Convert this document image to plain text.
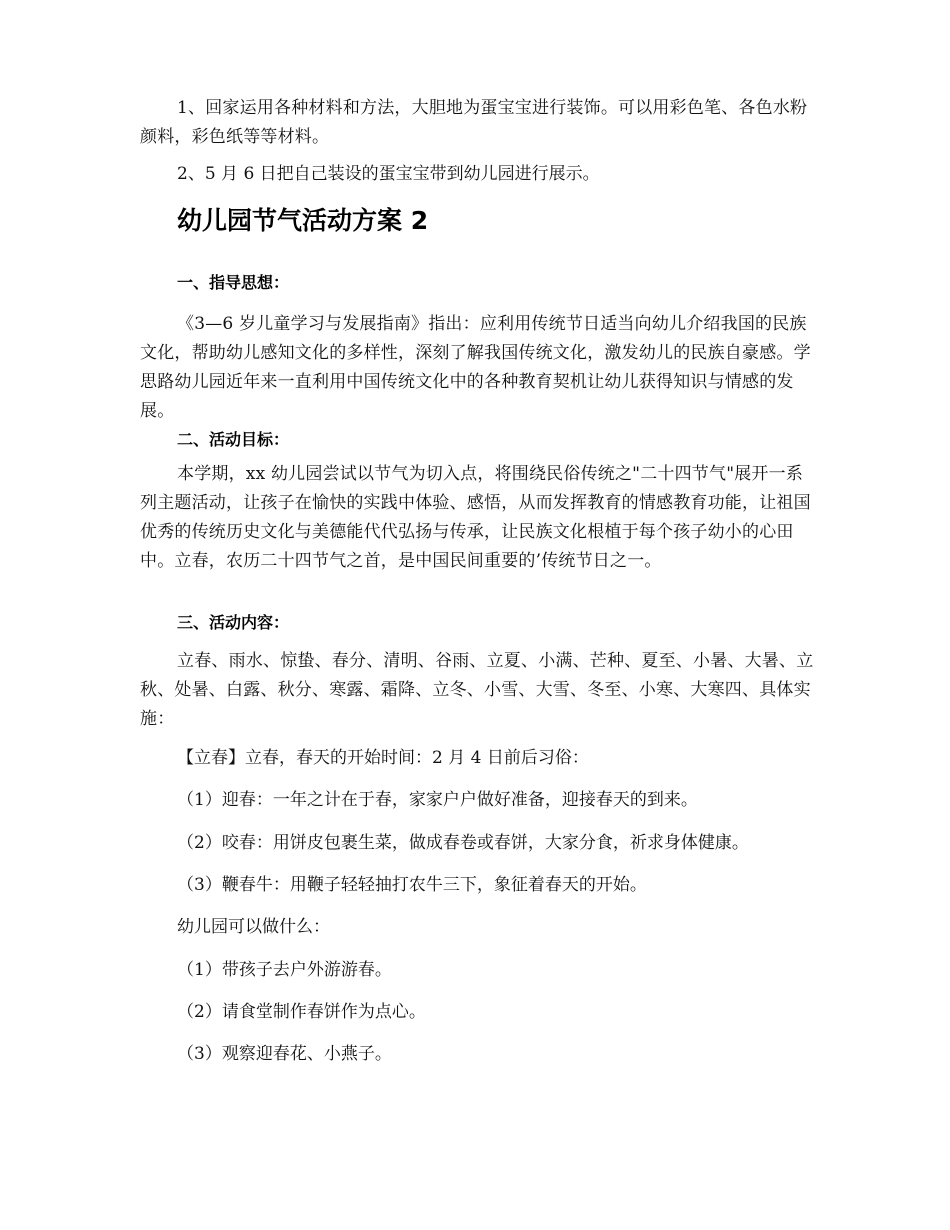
1、回家运用各种材料和方法，大胆地为蛋宝宝进行装饰。可以用彩色笔、各色水粉颜料，彩色纸等等材料。

2、5 月 6 日把自己装设的蛋宝宝带到幼儿园进行展示。

幼儿园节气活动方案 2
一、指导思想：

《3—6 岁儿童学习与发展指南》指出：应利用传统节日适当向幼儿介绍我国的民族文化，帮助幼儿感知文化的多样性，深刻了解我国传统文化，激发幼儿的民族自豪感。学思路幼儿园近年来一直利用中国传统文化中的各种教育契机让幼儿获得知识与情感的发展。

二、活动目标：

本学期，xx 幼儿园尝试以节气为切入点，将围绕民俗传统之"二十四节气"展开一系列主题活动，让孩子在愉快的实践中体验、感悟，从而发挥教育的情感教育功能，让祖国优秀的传统历史文化与美德能代代弘扬与传承，让民族文化根植于每个孩子幼小的心田中。立春，农历二十四节气之首，是中国民间重要的’传统节日之一。

三、活动内容：

立春、雨水、惊蛰、春分、清明、谷雨、立夏、小满、芒种、夏至、小暑、大暑、立秋、处暑、白露、秋分、寒露、霜降、立冬、小雪、大雪、冬至、小寒、大寒四、具体实施：

【立春】立春，春天的开始时间：2 月 4 日前后习俗：

（1）迎春：一年之计在于春，家家户户做好准备，迎接春天的到来。

（2）咬春：用饼皮包裹生菜，做成春卷或春饼，大家分食，祈求身体健康。

（3）鞭春牛：用鞭子轻轻抽打农牛三下，象征着春天的开始。

幼儿园可以做什么：

（1）带孩子去户外游游春。

（2）请食堂制作春饼作为点心。

（3）观察迎春花、小燕子。
